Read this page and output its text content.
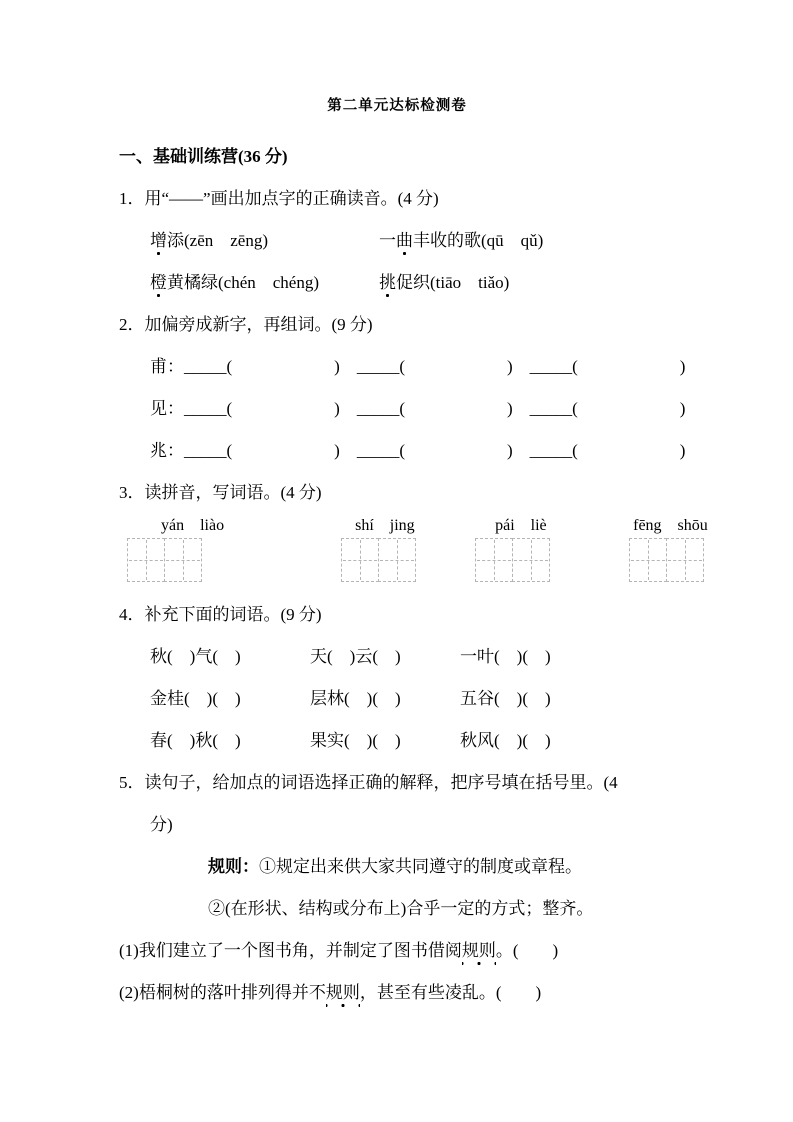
第二单元达标检测卷
一、基础训练营(36 分)
1．用“——”画出加点字的正确读音。(4 分)
增添(zēn　zēng)	一曲丰收的歌(qū　qǔ)
橙黄橘绿(chén　chéng)	挑促织(tiāo　tiǎo)
2．加偏旁成新字，再组词。(9 分)
甫：_____(　　　　　　)　_____(　　　　　　)　_____(　　　　　　)
见：_____(　　　　　　)　_____(　　　　　　)　_____(　　　　　　)
兆：_____(　　　　　　)　_____(　　　　　　)　_____(　　　　　　)
3．读拼音，写词语。(4 分)
yán　liào	shí　jing	pái　liè	fēng　shōu
4．补充下面的词语。(9 分)
秋(　)气(　)	天(　)云(　)	一叶(　)(　)
金桂(　)(　)	层林(　)(　)	五谷(　)(　)
春(　)秋(　)	果实(　)(　)	秋风(　)(　)
5．读句子，给加点的词语选择正确的解释，把序号填在括号里。(4
分)
规则：①规定出来供大家共同遵守的制度或章程。
②(在形状、结构或分布上)合乎一定的方式；整齐。
(1)我们建立了一个图书角，并制定了图书借阅规则。(　　)
(2)梧桐树的落叶排列得并不规则，甚至有些凌乱。(　　)
